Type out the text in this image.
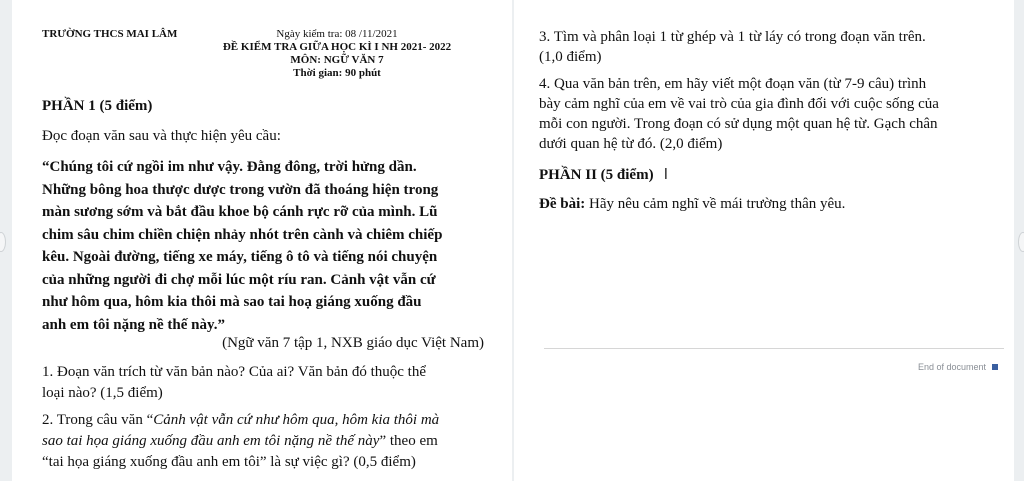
TRƯỜNG THCS MAI LÂM	Ngày kiểm tra: 08 /11/2021
ĐỀ KIỂM TRA GIỮA HỌC KÌ I NH 2021- 2022
MÔN: NGỮ VĂN 7
Thời gian: 90 phút
PHẦN 1 (5 điểm)
Đọc đoạn văn sau và thực hiện yêu cầu:
“Chúng tôi cứ ngồi im như vậy. Đằng đông, trời hửng dần.
Những bông hoa thược dược trong vườn đã thoáng hiện trong
màn sương sớm và bắt đầu khoe bộ cánh rực rỡ của mình. Lũ
chim sâu chim chiền chiện nhảy nhót trên cành và chiêm chiếp
kêu. Ngoài đường, tiếng xe máy, tiếng ô tô và tiếng nói chuyện
của những người đi chợ mỗi lúc một ríu ran. Cảnh vật vẫn cứ
như hôm qua, hôm kia thôi mà sao tai hoạ giáng xuống đầu
anh em tôi nặng nề thế này.”
(Ngữ văn 7 tập 1, NXB giáo dục Việt Nam)
1. Đoạn văn trích từ văn bản nào? Của ai? Văn bản đó thuộc thể
loại nào? (1,5 điểm)
2. Trong câu văn “Cảnh vật vẫn cứ như hôm qua, hôm kia thôi mà
sao tai họa giáng xuống đầu anh em tôi nặng nề thế này” theo em
“tai họa giáng xuống đầu anh em tôi” là sự việc gì? (0,5 điểm)
3. Tìm và phân loại 1 từ ghép và 1 từ láy có trong đoạn văn trên.
(1,0 điểm)
4. Qua văn bản trên, em hãy viết một đoạn văn (từ 7-9 câu) trình
bày cảm nghĩ của em về vai trò của gia đình đối với cuộc sống của
mỗi con người. Trong đoạn có sử dụng một quan hệ từ. Gạch chân
dưới quan hệ từ đó. (2,0 điểm)
PHẦN II (5 điểm) I
Đề bài: Hãy nêu cảm nghĩ về mái trường thân yêu.
End of document
